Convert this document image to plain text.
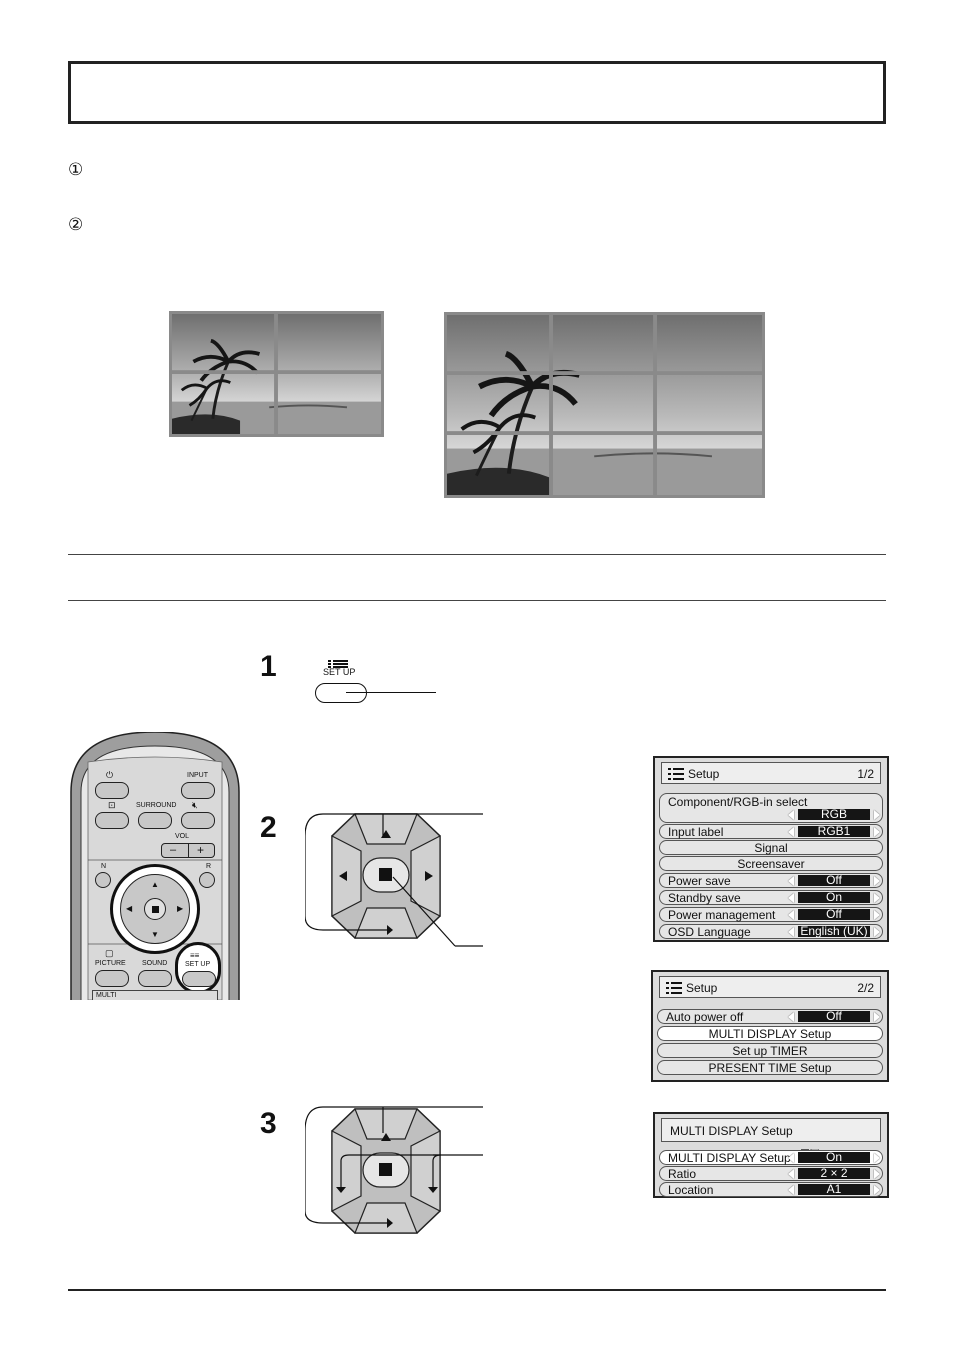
①
②
1
2
3
SET UP
⏻	INPUT
⊡	SURROUND 🔇︎
VOL
– +
N	R
▲
▼
◀	▶
▢
PICTURE SOUND
≡≡
SET UP
MULTI
Setup	1/2
Component/RGB-in select
RGB
Input label	RGB1
Signal
Screensaver
Power save	Off
Standby save	On
Power management	Off
OSD Language	English (UK)
Setup	2/2
Auto power off	Off
MULTI DISPLAY Setup
Set up TIMER
PRESENT TIME Setup
MULTI DISPLAY Setup
MULTI DISPLAY Setup	On
Ratio	2 × 2
Location	A1
